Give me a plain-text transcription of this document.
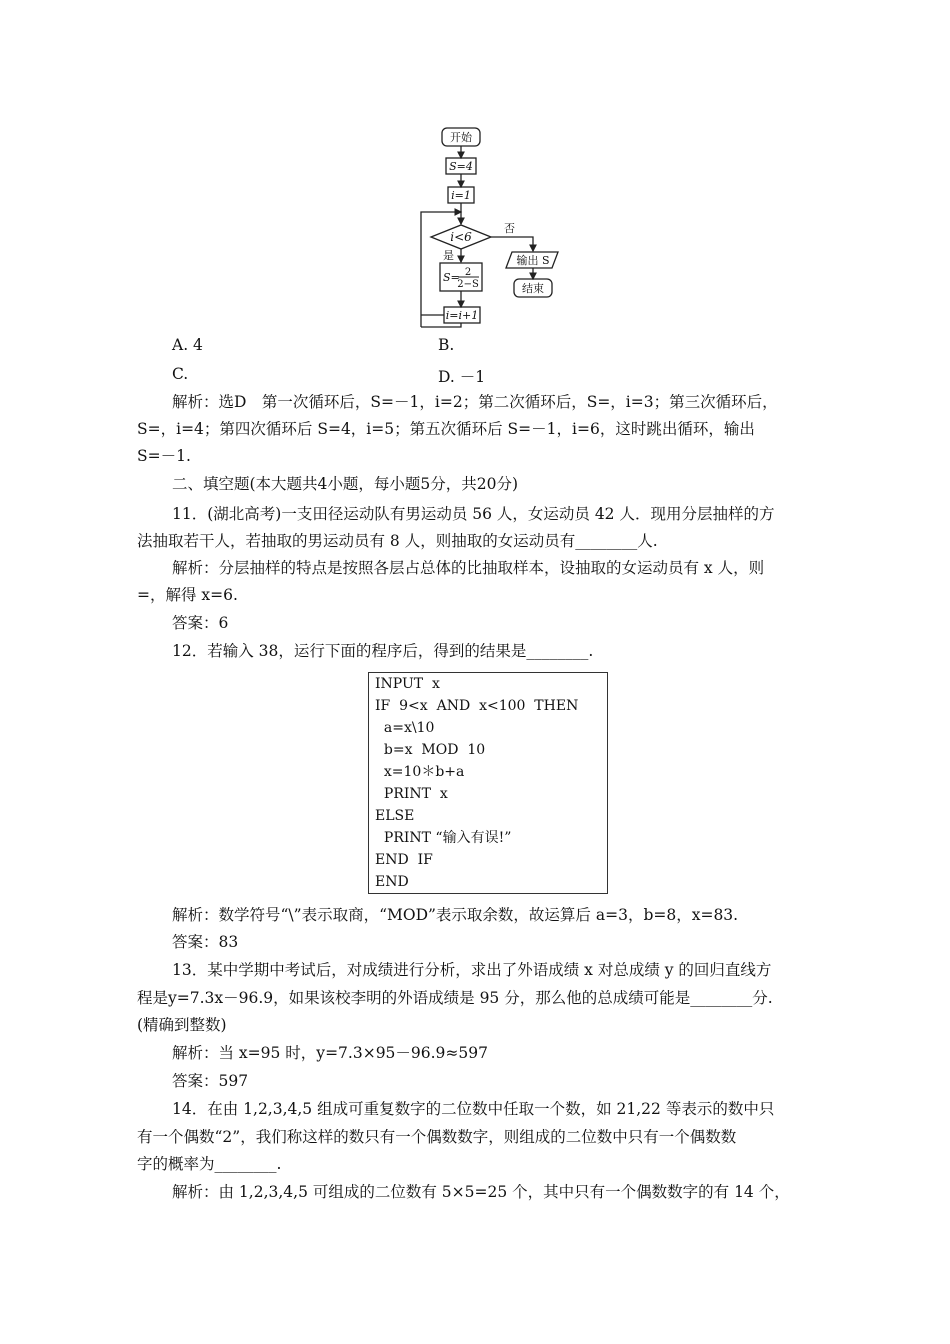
开始
S=4
i=1
i<6
否
是
S= 2
2−S
输出 S
结束
i=i+1
A. 4	B.
C.	D. －1
解析：选D　第一次循环后，S=－1，i=2；第二次循环后，S=，i=3；第三次循环后，
S=，i=4；第四次循环后 S=4，i=5；第五次循环后 S=－1，i=6，这时跳出循环，输出
S=－1.
二、填空题(本大题共4小题，每小题5分，共20分)
11．(湖北高考)一支田径运动队有男运动员 56 人，女运动员 42 人．现用分层抽样的方
法抽取若干人，若抽取的男运动员有 8 人，则抽取的女运动员有________人.
解析：分层抽样的特点是按照各层占总体的比抽取样本，设抽取的女运动员有 x 人，则
=，解得 x=6.
答案：6
12．若输入 38，运行下面的程序后，得到的结果是________.
INPUT  x
IF  9<x  AND  x<100  THEN
a=x\10
b=x  MOD  10
x=10＊b+a
PRINT  x
ELSE
PRINT “输入有误!”
END  IF
END
解析：数学符号“\”表示取商，“MOD”表示取余数，故运算后 a=3，b=8，x=83.
答案：83
13．某中学期中考试后，对成绩进行分析，求出了外语成绩 x 对总成绩 y 的回归直线方
程是y=7.3x－96.9，如果该校李明的外语成绩是 95 分，那么他的总成绩可能是________分.
(精确到整数)
解析：当 x=95 时，y=7.3×95－96.9≈597
答案：597
14．在由 1,2,3,4,5 组成可重复数字的二位数中任取一个数，如 21,22 等表示的数中只
有一个偶数“2”，我们称这样的数只有一个偶数数字，则组成的二位数中只有一个偶数数
字的概率为________.
解析：由 1,2,3,4,5 可组成的二位数有 5×5=25 个，其中只有一个偶数数字的有 14 个，
